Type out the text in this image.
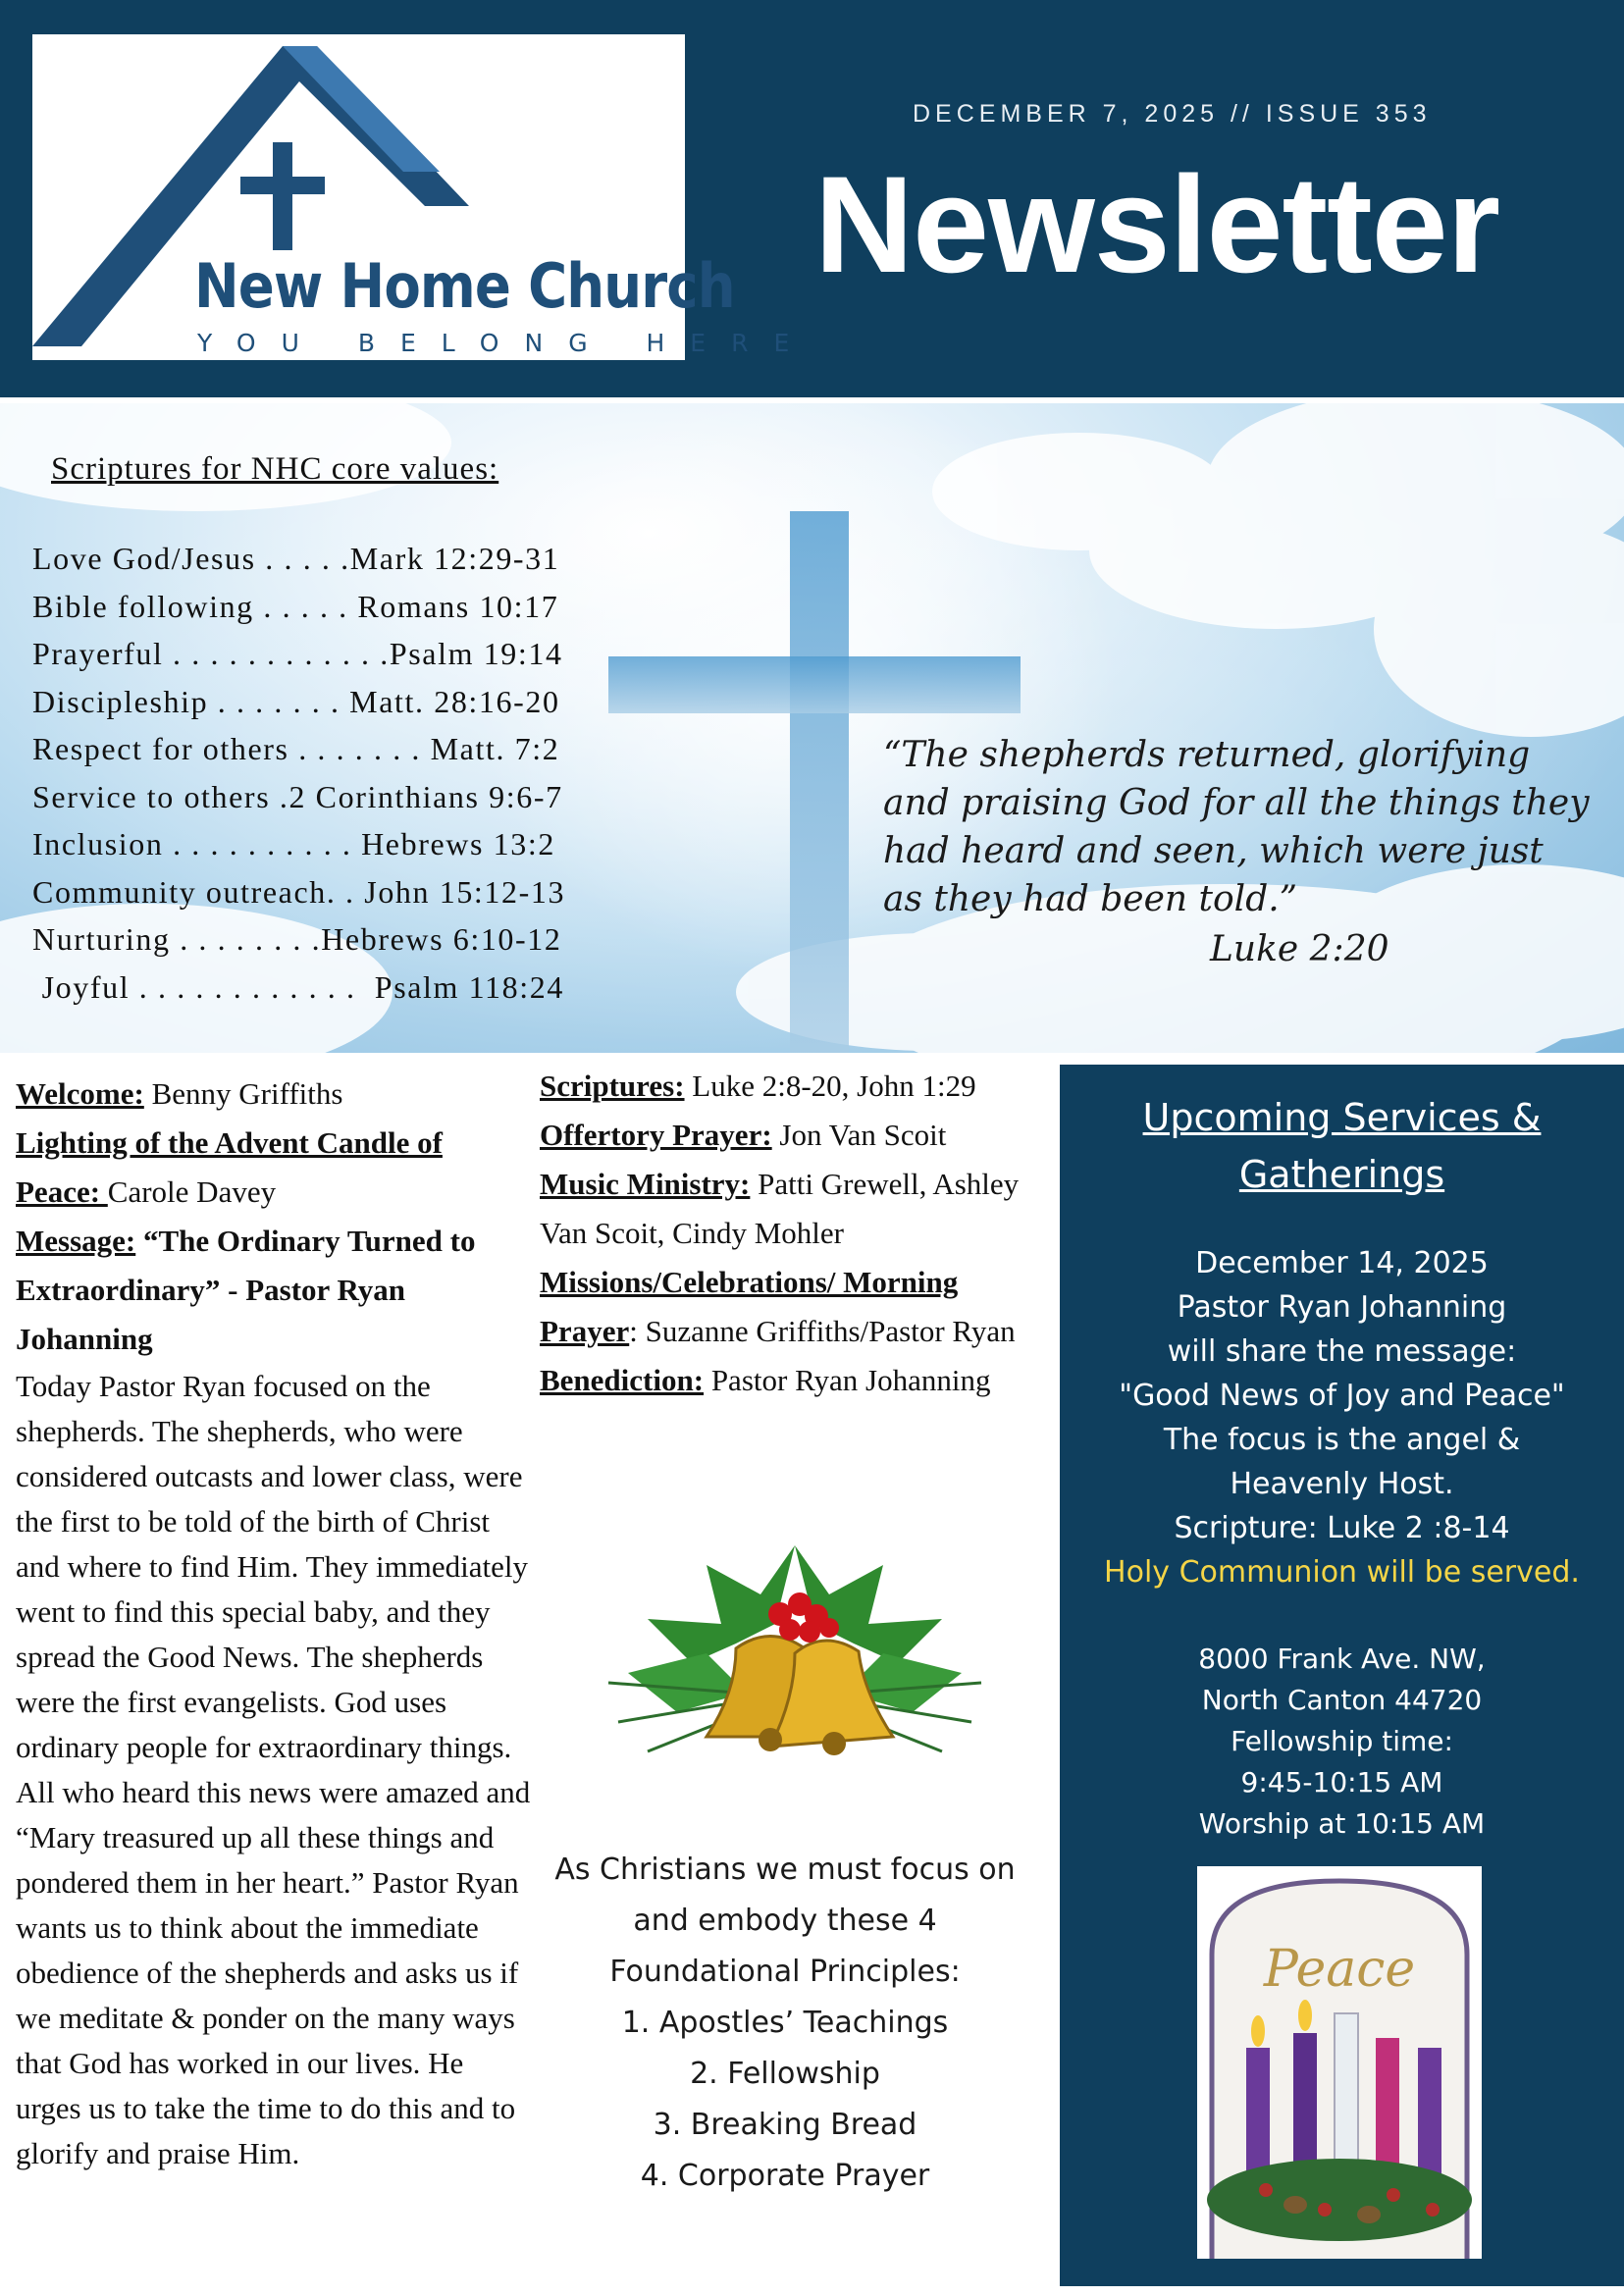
New Home Church
YOU BELONG HERE
DECEMBER 7, 2025 // ISSUE 353
Newsletter
Scriptures for NHC core values:
Love God/Jesus . . . . .Mark 12:29-31
Bible following . . . . . Romans 10:17
Prayerful . . . . . . . . . . . .Psalm 19:14
Discipleship . . . . . . . Matt. 28:16-20
Respect for others . . . . . . . Matt. 7:2
Service to others .2 Corinthians 9:6-7
Inclusion . . . . . . . . . . Hebrews 13:2
Community outreach. . John 15:12-13
Nurturing . . . . . . . .Hebrews 6:10-12
Joyful . . . . . . . . . . . .  Psalm 118:24
“The shepherds returned, glorifying and praising God for all the things they had heard and seen, which were just as they had been told.”
Luke 2:20
Welcome: Benny Griffiths
Lighting of the Advent Candle of Peace: Carole Davey
Message: “The Ordinary Turned to Extraordinary” - Pastor Ryan Johanning

Today Pastor Ryan focused on the shepherds. The shepherds, who were considered outcasts and lower class, were the first to be told of the birth of Christ and where to find Him. They immediately went to find this special baby, and they spread the Good News. The shepherds were the first evangelists. God uses ordinary people for extraordinary things. All who heard this news were amazed and “Mary treasured up all these things and pondered them in her heart.” Pastor Ryan wants us to think about the immediate obedience of the shepherds and asks us if we meditate & ponder on the many ways that God has worked in our lives. He urges us to take the time to do this and to glorify and praise Him.

Scriptures: Luke 2:8-20, John 1:29
Offertory Prayer: Jon Van Scoit
Music Ministry: Patti Grewell, Ashley Van Scoit, Cindy Mohler
Missions/Celebrations/ Morning Prayer: Suzanne Griffiths/Pastor Ryan
Benediction: Pastor Ryan Johanning
As Christians we must focus on and embody these 4 Foundational Principles:
1. Apostles’ Teachings
2. Fellowship
3. Breaking Bread
4. Corporate Prayer
Upcoming Services & Gatherings
December 14, 2025
Pastor Ryan Johanning
will share the message:
"Good News of Joy and Peace"
The focus is the angel &
Heavenly Host.
Scripture: Luke 2 :8-14
Holy Communion will be served.
8000 Frank Ave. NW,
North Canton 44720
Fellowship time:
9:45-10:15 AM
Worship at 10:15 AM
Peace
